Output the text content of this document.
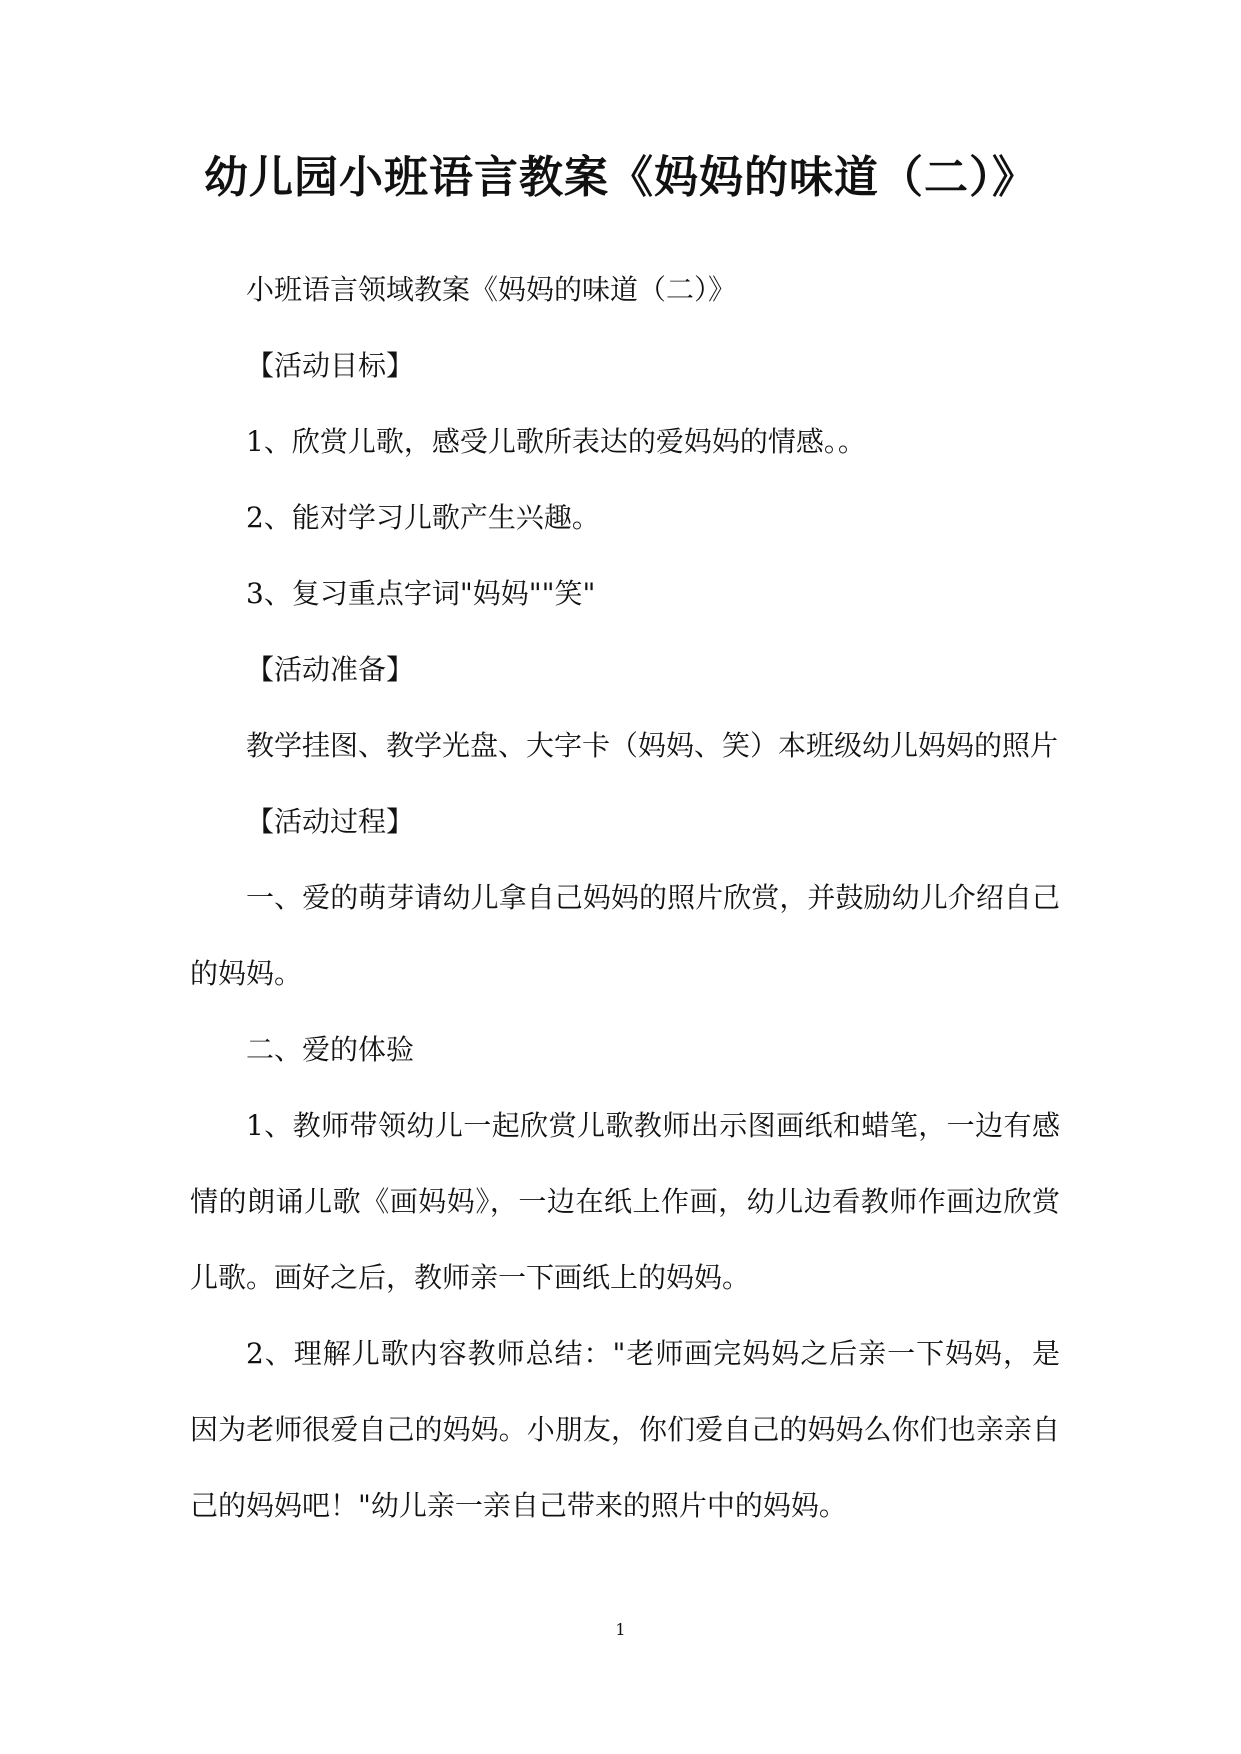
幼儿园小班语言教案《妈妈的味道（二）》

小班语言领域教案《妈妈的味道（二）》

【活动目标】

1、欣赏儿歌，感受儿歌所表达的爱妈妈的情感。。

2、能对学习儿歌产生兴趣。

3、复习重点字词"妈妈""笑"

【活动准备】

教学挂图、教学光盘、大字卡（妈妈、笑）本班级幼儿妈妈的照片

【活动过程】

一、爱的萌芽请幼儿拿自己妈妈的照片欣赏，并鼓励幼儿介绍自己的妈妈。

二、爱的体验

1、教师带领幼儿一起欣赏儿歌教师出示图画纸和蜡笔，一边有感情的朗诵儿歌《画妈妈》，一边在纸上作画，幼儿边看教师作画边欣赏儿歌。画好之后，教师亲一下画纸上的妈妈。

2、理解儿歌内容教师总结："老师画完妈妈之后亲一下妈妈，是因为老师很爱自己的妈妈。小朋友，你们爱自己的妈妈么你们也亲亲自己的妈妈吧！"幼儿亲一亲自己带来的照片中的妈妈。

1
